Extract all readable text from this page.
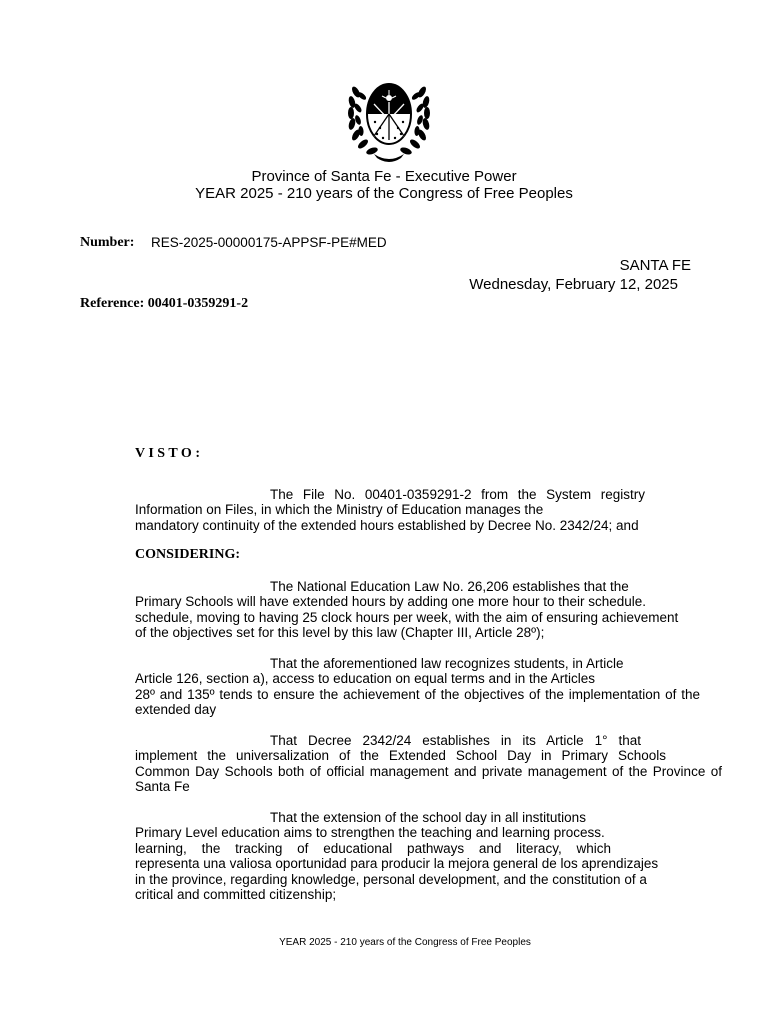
Province of Santa Fe - Executive Power
YEAR 2025 - 210 years of the Congress of Free Peoples
Number: RES-2025-00000175-APPSF-PE#MED
SANTA FE
Wednesday, February 12, 2025
Reference: 00401-0359291-2
V I S T O :
The File No. 00401-0359291-2 from the System registry
Information on Files, in which the Ministry of Education manages the
mandatory continuity of the extended hours established by Decree No. 2342/24; and
CONSIDERING:
The National Education Law No. 26,206 establishes that the
Primary Schools will have extended hours by adding one more hour to their schedule.
schedule, moving to having 25 clock hours per week, with the aim of ensuring achievement
of the objectives set for this level by this law (Chapter III, Article 28º);
That the aforementioned law recognizes students, in Article
Article 126, section a), access to education on equal terms and in the Articles
28º and 135º tends to ensure the achievement of the objectives of the implementation of the
extended day
That Decree 2342/24 establishes in its Article 1° that
implement the universalization of the Extended School Day in Primary Schools
Common Day Schools both of official management and private management of the Province of
Santa Fe
That the extension of the school day in all institutions
Primary Level education aims to strengthen the teaching and learning process.
learning, the tracking of educational pathways and literacy, which
representa una valiosa oportunidad para producir la mejora general de los aprendizajes
in the province, regarding knowledge, personal development, and the constitution of a
critical and committed citizenship;
YEAR 2025 - 210 years of the Congress of Free Peoples
